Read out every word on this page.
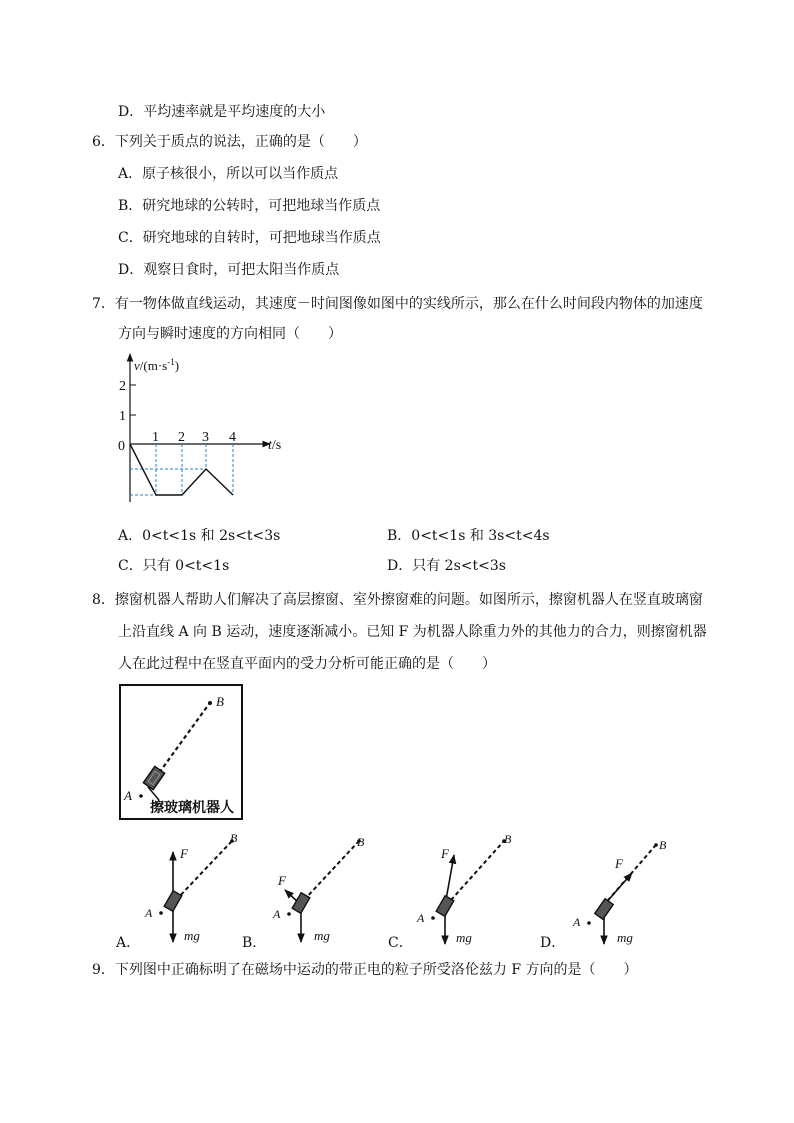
D．平均速率就是平均速度的大小
6．下列关于质点的说法，正确的是（　　）
A．原子核很小，所以可以当作质点
B．研究地球的公转时，可把地球当作质点
C．研究地球的自转时，可把地球当作质点
D．观察日食时，可把太阳当作质点
7．有一物体做直线运动，其速度－时间图像如图中的实线所示，那么在什么时间段内物体的加速度
方向与瞬时速度的方向相同（　　）
2
1
0
1 2 3 4
$v/(m\cdot s^{-1})$
t/s
A．0<t<1s 和 2s<t<3s	B．0<t<1s 和 3s<t<4s
C．只有 0<t<1s	D．只有 2s<t<3s
8．擦窗机器人帮助人们解决了高层擦窗、室外擦窗难的问题。如图所示，擦窗机器人在竖直玻璃窗
上沿直线 A 向 B 运动，速度逐渐减小。已知 F 为机器人除重力外的其他力的合力，则擦窗机器
人在此过程中在竖直平面内的受力分析可能正确的是（　　）
B
A
擦玻璃机器人
B
A
F
mg
A．
B
A
F
mg
B．
B
A
F
mg
C．
B
A
F
mg
D．
9．下列图中正确标明了在磁场中运动的带正电的粒子所受洛伦兹力 F 方向的是（　　）
